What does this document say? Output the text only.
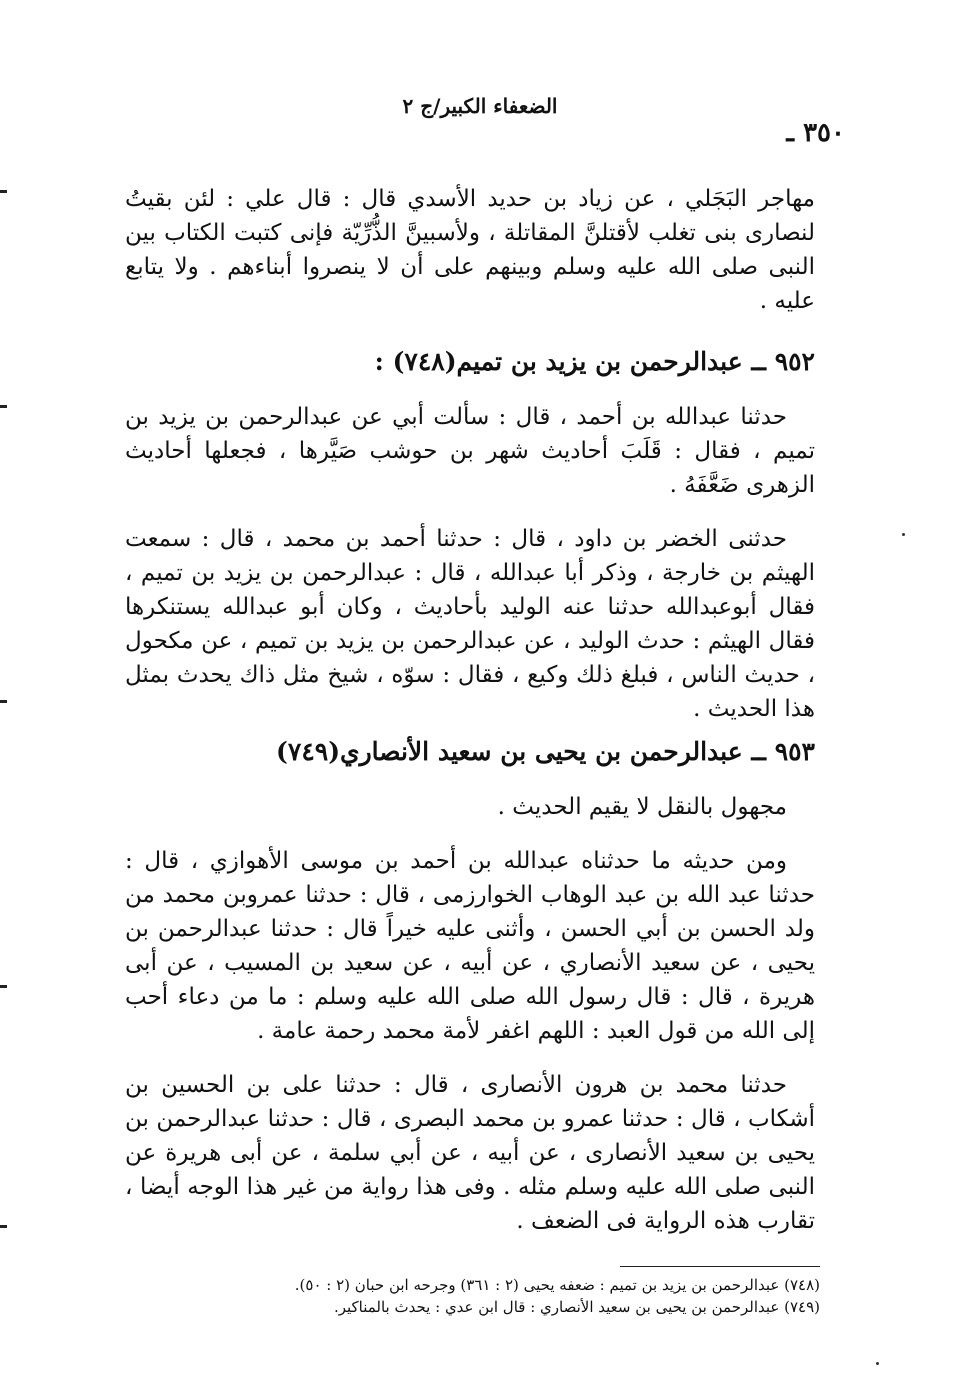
الضعفاء الكبير/ج ٢
٣٥٠ ـ

مهاجر البَجَلي ، عن زياد بن حديد الأسدي قال : قال علي : لئن بقيتُ لنصارى بنى تغلب لأقتلنَّ المقاتلة ، ولأسبينَّ الذُّرِّيّة فإنى كتبت الكتاب بين النبى صلى الله عليه وسلم وبينهم على أن لا ينصروا أبناءهم . ولا يتابع عليه .

٩٥٢ ــ عبدالرحمن بن يزيد بن تميم(٧٤٨) :

حدثنا عبدالله بن أحمد ، قال : سألت أبي عن عبدالرحمن بن يزيد بن تميم ، فقال : قَلَبَ أحاديث شهر بن حوشب صَيَّرها ، فجعلها أحاديث الزهرى ضَعَّفَهُ .

حدثنى الخضر بن داود ، قال : حدثنا أحمد بن محمد ، قال : سمعت الهيثم بن خارجة ، وذكر أبا عبدالله ، قال : عبدالرحمن بن يزيد بن تميم ، فقال أبوعبدالله حدثنا عنه الوليد بأحاديث ، وكان أبو عبدالله يستنكرها فقال الهيثم : حدث الوليد ، عن عبدالرحمن بن يزيد بن تميم ، عن مكحول ، حديث الناس ، فبلغ ذلك وكيع ، فقال : سوّه ، شيخ مثل ذاك يحدث بمثل هذا الحديث .

٩٥٣ ــ عبدالرحمن بن يحيى بن سعيد الأنصاري(٧٤٩)

مجهول بالنقل لا يقيم الحديث .

ومن حديثه ما حدثناه عبدالله بن أحمد بن موسى الأهوازي ، قال : حدثنا عبد الله بن عبد الوهاب الخوارزمى ، قال : حدثنا عمروبن محمد من ولد الحسن بن أبي الحسن ، وأثنى عليه خيراً قال : حدثنا عبدالرحمن بن يحيى ، عن سعيد الأنصاري ، عن أبيه ، عن سعيد بن المسيب ، عن أبى هريرة ، قال : قال رسول الله صلى الله عليه وسلم : ما من دعاء أحب إلى الله من قول العبد : اللهم اغفر لأمة محمد رحمة عامة .

حدثنا محمد بن هرون الأنصارى ، قال : حدثنا على بن الحسين بن أشكاب ، قال : حدثنا عمرو بن محمد البصرى ، قال : حدثنا عبدالرحمن بن يحيى بن سعيد الأنصارى ، عن أبيه ، عن أبي سلمة ، عن أبى هريرة عن النبى صلى الله عليه وسلم مثله . وفى هذا رواية من غير هذا الوجه أيضا ، تقارب هذه الرواية فى الضعف .

(٧٤٨) عبدالرحمن بن يزيد بن تميم : ضعفه يحيى (٢ : ٣٦١) وجرحه ابن حبان (٢ : ٥٠).
(٧٤٩) عبدالرحمن بن يحيى بن سعيد الأنصاري : قال ابن عدي : يحدث بالمناكير.
